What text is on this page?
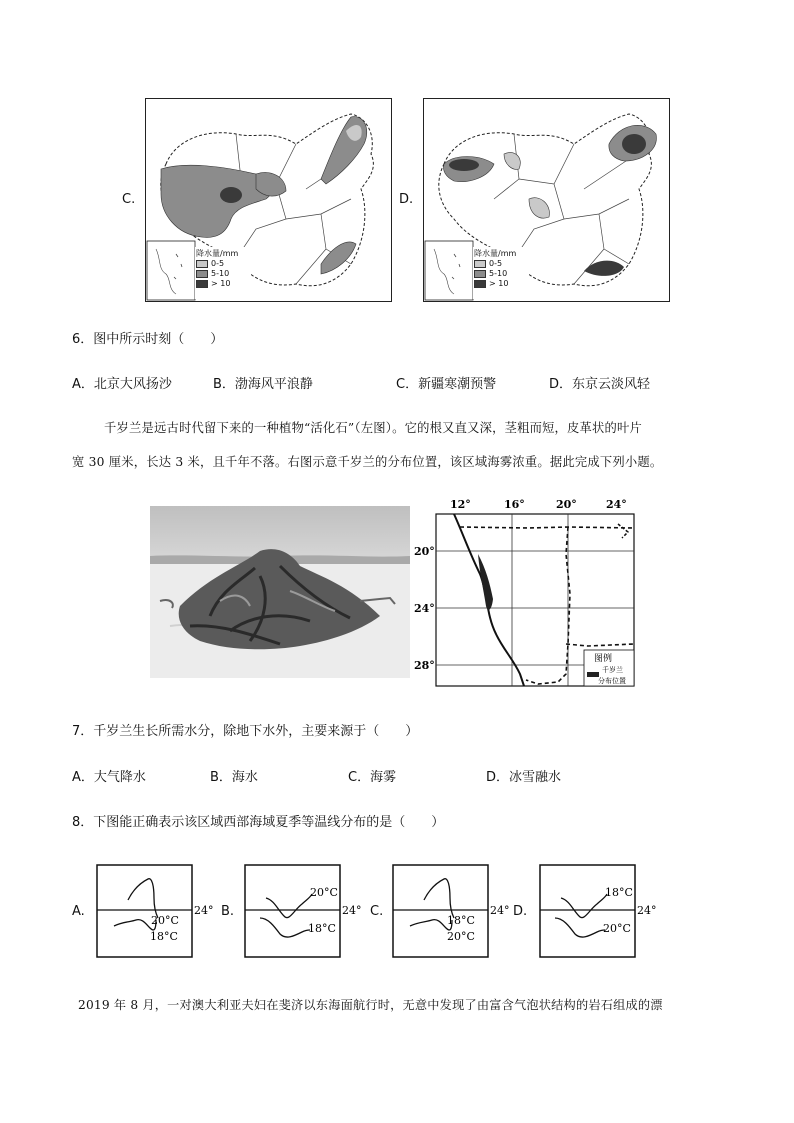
C.
降水量/mm
0-5
5-10
> 10
D.
降水量/mm
0-5
5-10
> 10
6．图中所示时刻（　　）
A．北京大风扬沙	B．渤海风平浪静	C．新疆寒潮预警	D．东京云淡风轻
千岁兰是远古时代留下来的一种植物“活化石”（左图）。它的根又直又深，茎粗而短，皮革状的叶片
宽 30 厘米，长达 3 米，且千年不落。右图示意千岁兰的分布位置，该区域海雾浓重。据此完成下列小题。
12°	16°	20°	24°
20°
24°
28°	图例
千岁兰
分布位置
7．千岁兰生长所需水分，除地下水外，主要来源于（　　）
A．大气降水	B．海水	C．海雾	D．冰雪融水
8．下图能正确表示该区域西部海域夏季等温线分布的是（　　）
A.
20°C
18°C
24° B.
20°C
18°C
24° C.
18°C
20°C
24° D.
18°C
20°C
24°
2019 年 8 月，一对澳大利亚夫妇在斐济以东海面航行时，无意中发现了由富含气泡状结构的岩石组成的漂
